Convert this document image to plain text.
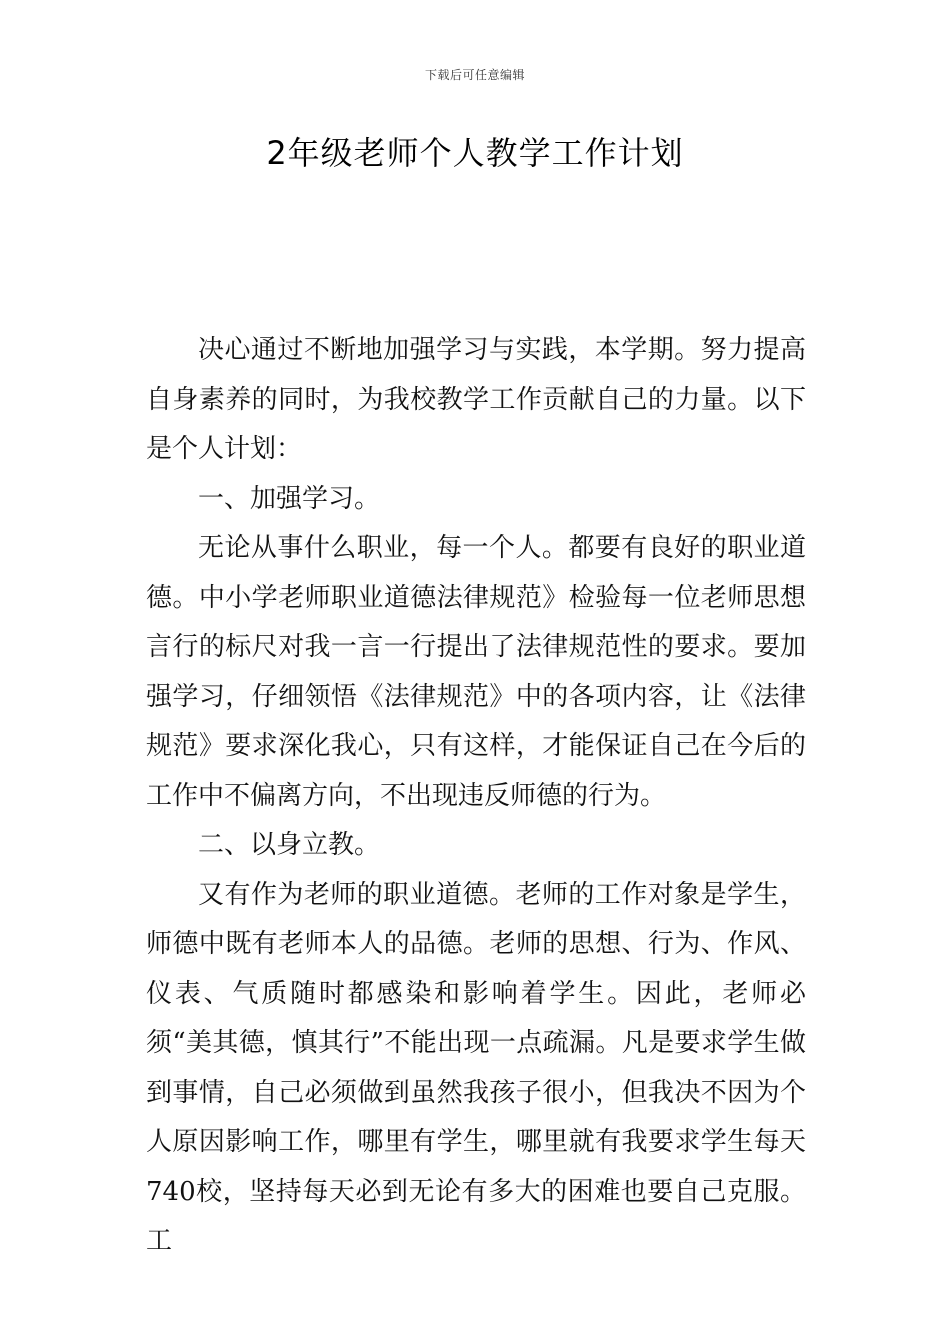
下载后可任意编辑
2年级老师个人教学工作计划

决心通过不断地加强学习与实践，本学期。努力提高自身素养的同时，为我校教学工作贡献自己的力量。以下是个人计划：

一、加强学习。

无论从事什么职业，每一个人。都要有良好的职业道德。中小学老师职业道德法律规范》检验每一位老师思想言行的标尺对我一言一行提出了法律规范性的要求。要加强学习，仔细领悟《法律规范》中的各项内容，让《法律规范》要求深化我心，只有这样，才能保证自己在今后的工作中不偏离方向，不出现违反师德的行为。

二、以身立教。

又有作为老师的职业道德。老师的工作对象是学生，师德中既有老师本人的品德。老师的思想、行为、作风、仪表、气质随时都感染和影响着学生。因此，老师必须“美其德，慎其行”不能出现一点疏漏。凡是要求学生做到事情，自己必须做到虽然我孩子很小，但我决不因为个人原因影响工作，哪里有学生，哪里就有我要求学生每天740校，坚持每天必到无论有多大的困难也要自己克服。工
